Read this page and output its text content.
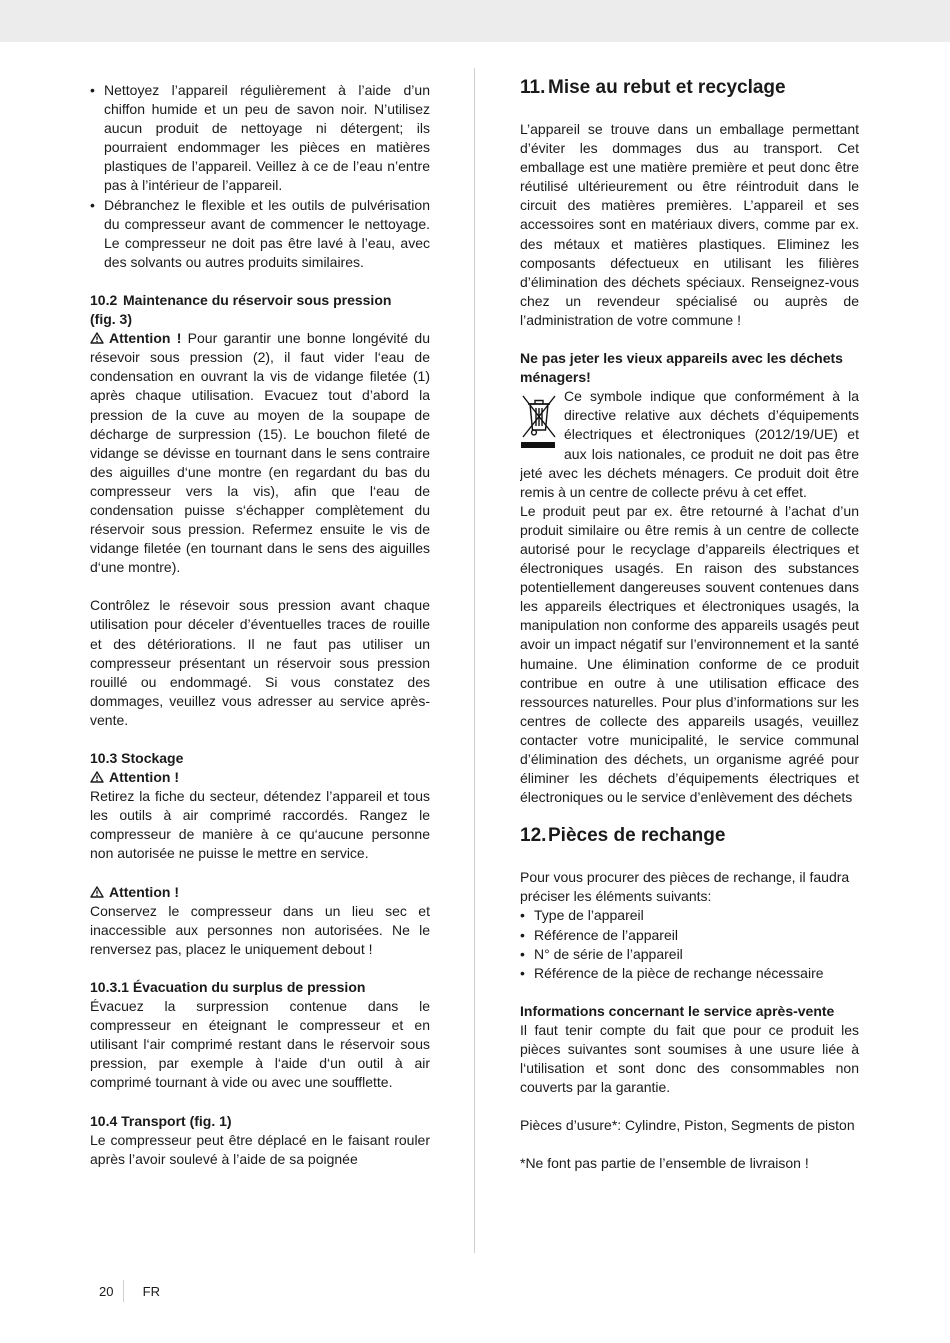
• Nettoyez l’appareil régulièrement à l’aide d’un chiffon humide et un peu de savon noir. N’utilisez aucun produit de nettoyage ni détergent; ils pourraient endommager les pièces en matières plastiques de l’appareil. Veillez à ce de l’eau n’entre pas à l’intérieur de l’appareil.
• Débranchez le flexible et les outils de pulvérisation du compresseur avant de commencer le nettoyage. Le compresseur ne doit pas être lavé à l’eau, avec des solvants ou autres produits similaires.
10.2 Maintenance du réservoir sous pression
(fig. 3)

Attention ! Pour garantir une bonne longévité du résevoir sous pression (2), il faut vider l‘eau de condensation en ouvrant la vis de vidange filetée (1) après chaque utilisation. Evacuez tout d’abord la pression de la cuve au moyen de la soupape de décharge de surpression (15). Le bouchon fileté de vidange se dévisse en tournant dans le sens contraire des aiguilles d‘une montre (en regardant du bas du compresseur vers la vis), afin que l‘eau de condensation puisse s‘échapper complètement du réservoir sous pression. Refermez ensuite le vis de vidange filetée (en tournant dans le sens des aiguilles d‘une montre).

Contrôlez le résevoir sous pression avant chaque utilisation pour déceler d’éventuelles traces de rouille et des détériorations. Il ne faut pas utiliser un compresseur présentant un réservoir sous pression rouillé ou endommagé. Si vous constatez des dommages, veuillez vous adresser au service après-vente.

10.3 Stockage
Attention !

Retirez la fiche du secteur, détendez l’appareil et tous les outils à air comprimé raccordés. Rangez le compresseur de manière à ce qu‘aucune personne non autorisée ne puisse le mettre en service.

Attention !

Conservez le compresseur dans un lieu sec et inaccessible aux personnes non autorisées. Ne le renversez pas, placez le uniquement debout !

10.3.1 Évacuation du surplus de pression

Évacuez la surpression contenue dans le compresseur en éteignant le compresseur et en utilisant l‘air comprimé restant dans le réservoir sous pression, par exemple à l‘aide d‘un outil à air comprimé tournant à vide ou avec une soufflette.

10.4 Transport (fig. 1)

Le compresseur peut être déplacé en le faisant rouler après l’avoir soulevé à l’aide de sa poignée

11. Mise au rebut et recyclage

L’appareil se trouve dans un emballage permettant d’éviter les dommages dus au transport. Cet emballage est une matière première et peut donc être réutilisé ultérieurement ou être réintroduit dans le circuit des matières premières. L’appareil et ses accessoires sont en matériaux divers, comme par ex. des métaux et matières plastiques. Eliminez les composants défectueux en utilisant les filières d’élimination des déchets spéciaux. Renseignez-vous chez un revendeur spécialisé ou auprès de l’administration de votre commune !

Ne pas jeter les vieux appareils avec les déchets ménagers!

Ce symbole indique que conformément à la directive relative aux déchets d’équipements électriques et électroniques (2012/19/UE) et aux lois nationales, ce produit ne doit pas être jeté avec les déchets ménagers. Ce produit doit être remis à un centre de collecte prévu à cet effet.

Le produit peut par ex. être retourné à l’achat d’un produit similaire ou être remis à un centre de collecte autorisé pour le recyclage d’appareils électriques et électroniques usagés. En raison des substances potentiellement dangereuses souvent contenues dans les appareils électriques et électroniques usagés, la manipulation non conforme des appareils usagés peut avoir un impact négatif sur l’environnement et la santé humaine. Une élimination conforme de ce produit contribue en outre à une utilisation efficace des ressources naturelles. Pour plus d’informations sur les centres de collecte des appareils usagés, veuillez contacter votre municipalité, le service communal d’élimination des déchets, un organisme agréé pour éliminer les déchets d’équipements électriques et électroniques ou le service d’enlèvement des déchets

12.Pièces de rechange

Pour vous procurer des pièces de rechange, il faudra préciser les éléments suivants:

• Type de l’appareil
• Référence de l’appareil
• N° de série de l’appareil
• Référence de la pièce de rechange nécessaire

Informations concernant le service après-vente

Il faut tenir compte du fait que pour ce produit les pièces suivantes sont soumises à une usure liée à l‘utilisation et sont donc des consommables non couverts par la garantie.

Pièces d’usure*: Cylindre, Piston, Segments de piston

*Ne font pas partie de l’ensemble de livraison !

20 FR
